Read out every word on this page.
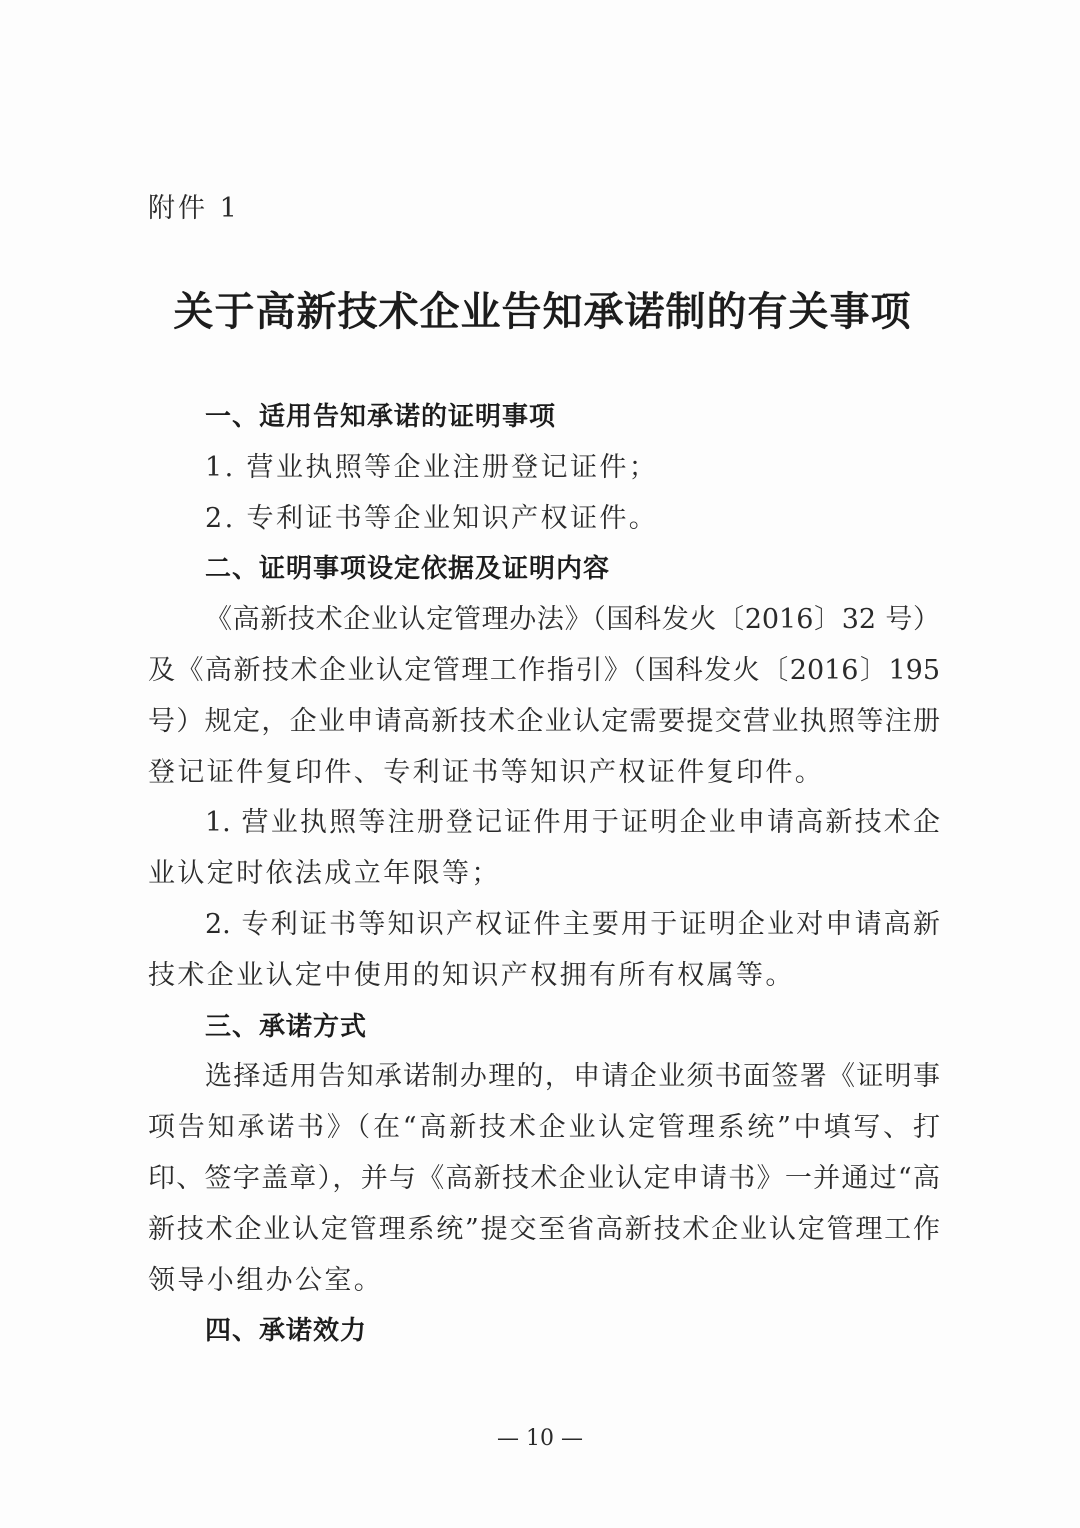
附件 1
关于高新技术企业告知承诺制的有关事项
一、适用告知承诺的证明事项
1. 营业执照等企业注册登记证件；
2. 专利证书等企业知识产权证件。
二、证明事项设定依据及证明内容
《高新技术企业认定管理办法》（国科发火〔2016〕32 号）
及《高新技术企业认定管理工作指引》（国科发火〔2016〕195
号）规定，企业申请高新技术企业认定需要提交营业执照等注册
登记证件复印件、专利证书等知识产权证件复印件。
1. 营业执照等注册登记证件用于证明企业申请高新技术企
业认定时依法成立年限等；
2. 专利证书等知识产权证件主要用于证明企业对申请高新
技术企业认定中使用的知识产权拥有所有权属等。
三、承诺方式
选择适用告知承诺制办理的，申请企业须书面签署《证明事
项告知承诺书》（在“高新技术企业认定管理系统”中填写、打
印、签字盖章），并与《高新技术企业认定申请书》一并通过“高
新技术企业认定管理系统”提交至省高新技术企业认定管理工作
领导小组办公室。
四、承诺效力
— 10 —
